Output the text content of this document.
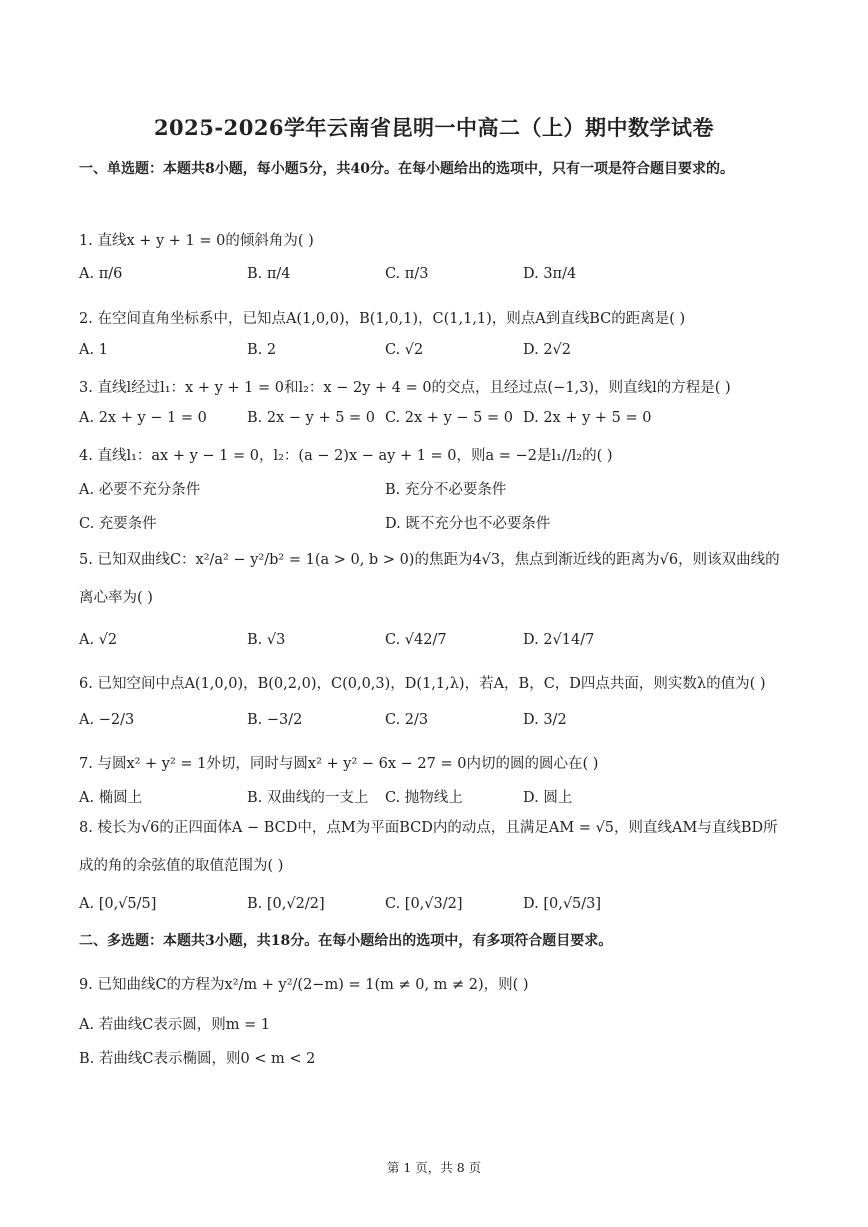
2025-2026学年云南省昆明一中高二（上）期中数学试卷
一、单选题：本题共8小题，每小题5分，共40分。在每小题给出的选项中，只有一项是符合题目要求的。
1. 直线x + y + 1 = 0的倾斜角为( )
A. π/6	B. π/4	C. π/3	D. 3π/4
2. 在空间直角坐标系中，已知点A(1,0,0)，B(1,0,1)，C(1,1,1)，则点A到直线BC的距离是( )
A. 1	B. 2	C. √2	D. 2√2
3. 直线l经过l₁：x + y + 1 = 0和l₂：x − 2y + 4 = 0的交点，且经过点(−1,3)，则直线l的方程是( )
A. 2x + y − 1 = 0	B. 2x − y + 5 = 0 C. 2x + y − 5 = 0 D. 2x + y + 5 = 0
4. 直线l₁：ax + y − 1 = 0，l₂：(a − 2)x − ay + 1 = 0，则a = −2是l₁//l₂的( )
A. 必要不充分条件	B. 充分不必要条件
C. 充要条件	D. 既不充分也不必要条件
5. 已知双曲线C：x²/a² − y²/b² = 1(a > 0, b > 0)的焦距为4√3，焦点到渐近线的距离为√6，则该双曲线的离心率为( )
A. √2	B. √3	C. √42/7	D. 2√14/7
6. 已知空间中点A(1,0,0)，B(0,2,0)，C(0,0,3)，D(1,1,λ)，若A，B，C，D四点共面，则实数λ的值为( )
A. −2/3	B. −3/2	C. 2/3	D. 3/2
7. 与圆x² + y² = 1外切，同时与圆x² + y² − 6x − 27 = 0内切的圆的圆心在( )
A. 椭圆上	B. 双曲线的一支上 C. 抛物线上	D. 圆上
8. 棱长为√6的正四面体A − BCD中，点M为平面BCD内的动点，且满足AM = √5，则直线AM与直线BD所成的角的余弦值的取值范围为( )
A. [0,√5/5]	B. [0,√2/2]	C. [0,√3/2]	D. [0,√5/3]
二、多选题：本题共3小题，共18分。在每小题给出的选项中，有多项符合题目要求。
9. 已知曲线C的方程为x²/m + y²/(2−m) = 1(m ≠ 0, m ≠ 2)，则( )
A. 若曲线C表示圆，则m = 1
B. 若曲线C表示椭圆，则0 < m < 2
第 1 页，共 8 页
